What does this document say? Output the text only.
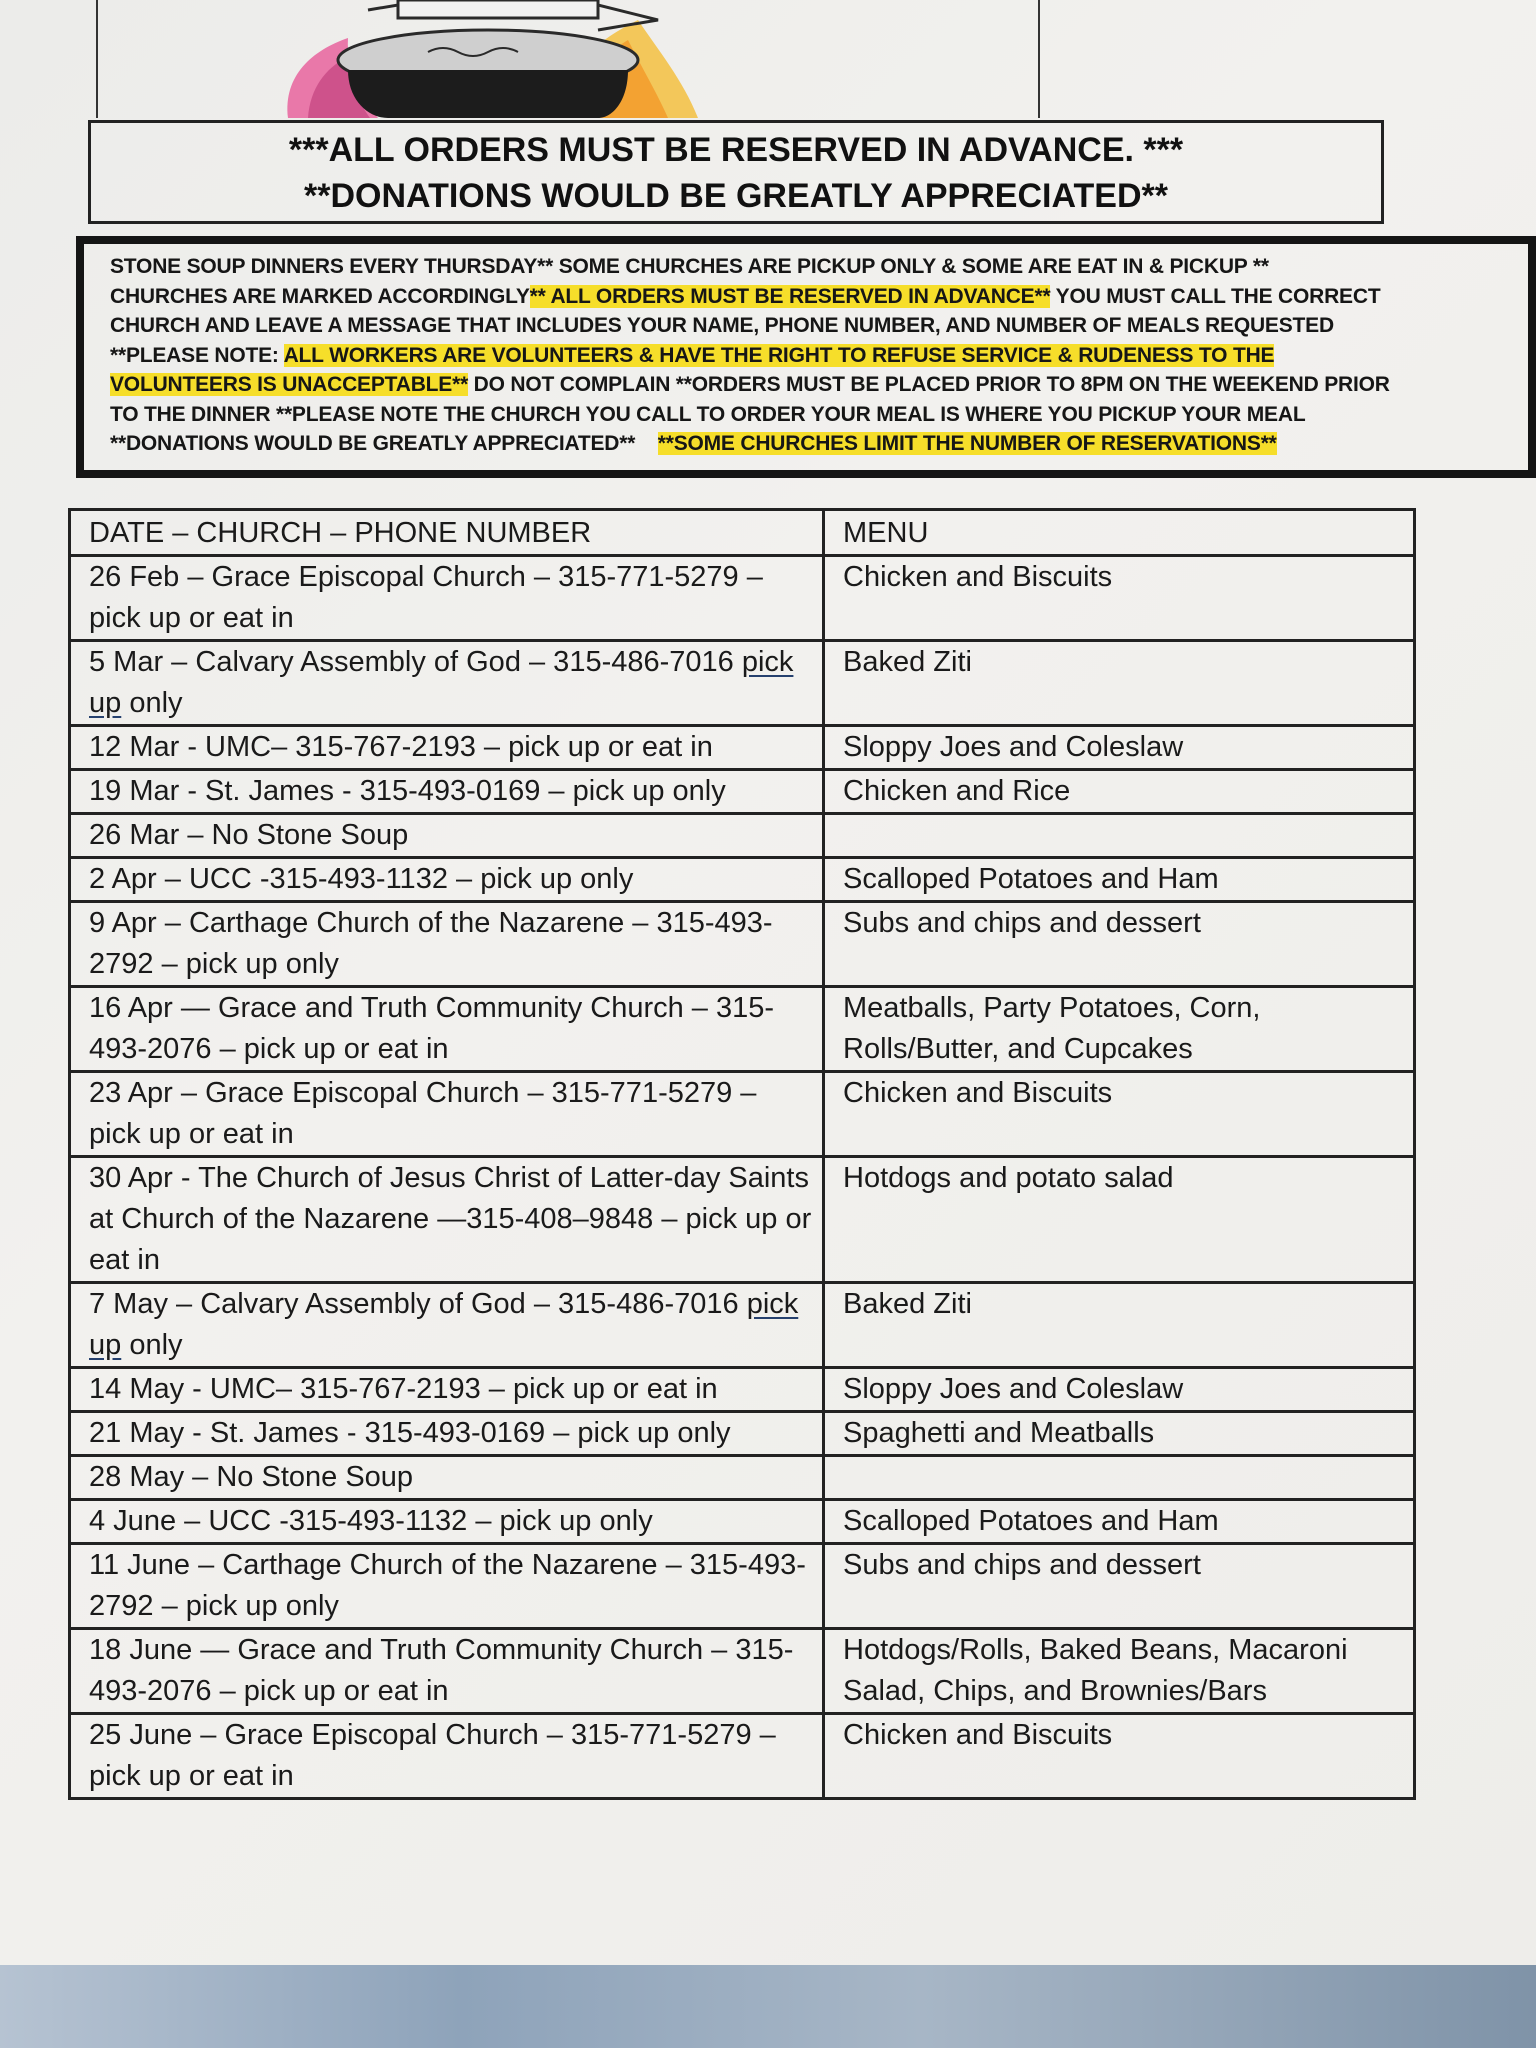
***ALL ORDERS MUST BE RESERVED IN ADVANCE. ***
**DONATIONS WOULD BE GREATLY APPRECIATED**
STONE SOUP DINNERS EVERY THURSDAY** SOME CHURCHES ARE PICKUP ONLY & SOME ARE EAT IN & PICKUP **
CHURCHES ARE MARKED ACCORDINGLY** ALL ORDERS MUST BE RESERVED IN ADVANCE** YOU MUST CALL THE CORRECT
CHURCH AND LEAVE A MESSAGE THAT INCLUDES YOUR NAME, PHONE NUMBER, AND NUMBER OF MEALS REQUESTED
**PLEASE NOTE: ALL WORKERS ARE VOLUNTEERS & HAVE THE RIGHT TO REFUSE SERVICE & RUDENESS TO THE
VOLUNTEERS IS UNACCEPTABLE** DO NOT COMPLAIN **ORDERS MUST BE PLACED PRIOR TO 8PM ON THE WEEKEND PRIOR
TO THE DINNER **PLEASE NOTE THE CHURCH YOU CALL TO ORDER YOUR MEAL IS WHERE YOU PICKUP YOUR MEAL
**DONATIONS WOULD BE GREATLY APPRECIATED** **SOME CHURCHES LIMIT THE NUMBER OF RESERVATIONS**
DATE – CHURCH – PHONE NUMBER	MENU
26 Feb – Grace Episcopal Church – 315-771-5279 – pick up or eat in	Chicken and Biscuits
5 Mar – Calvary Assembly of God – 315-486-7016 pick up only	Baked Ziti
12 Mar - UMC– 315-767-2193 – pick up or eat in	Sloppy Joes and Coleslaw
19 Mar - St. James - 315-493-0169 – pick up only	Chicken and Rice
26 Mar – No Stone Soup	
2 Apr – UCC -315-493-1132 – pick up only	Scalloped Potatoes and Ham
9 Apr – Carthage Church of the Nazarene – 315-493-2792 – pick up only	Subs and chips and dessert
16 Apr — Grace and Truth Community Church – 315-493-2076 – pick up or eat in	Meatballs, Party Potatoes, Corn, Rolls/Butter, and Cupcakes
23 Apr – Grace Episcopal Church – 315-771-5279 – pick up or eat in	Chicken and Biscuits
30 Apr - The Church of Jesus Christ of Latter-day Saints at Church of the Nazarene —315-408–9848 – pick up or eat in	Hotdogs and potato salad
7 May – Calvary Assembly of God – 315-486-7016 pick up only	Baked Ziti
14 May - UMC– 315-767-2193 – pick up or eat in	Sloppy Joes and Coleslaw
21 May - St. James - 315-493-0169 – pick up only	Spaghetti and Meatballs
28 May – No Stone Soup	
4 June – UCC -315-493-1132 – pick up only	Scalloped Potatoes and Ham
11 June – Carthage Church of the Nazarene – 315-493-2792 – pick up only	Subs and chips and dessert
18 June — Grace and Truth Community Church – 315-493-2076 – pick up or eat in	Hotdogs/Rolls, Baked Beans, Macaroni Salad, Chips, and Brownies/Bars
25 June – Grace Episcopal Church – 315-771-5279 – pick up or eat in	Chicken and Biscuits
